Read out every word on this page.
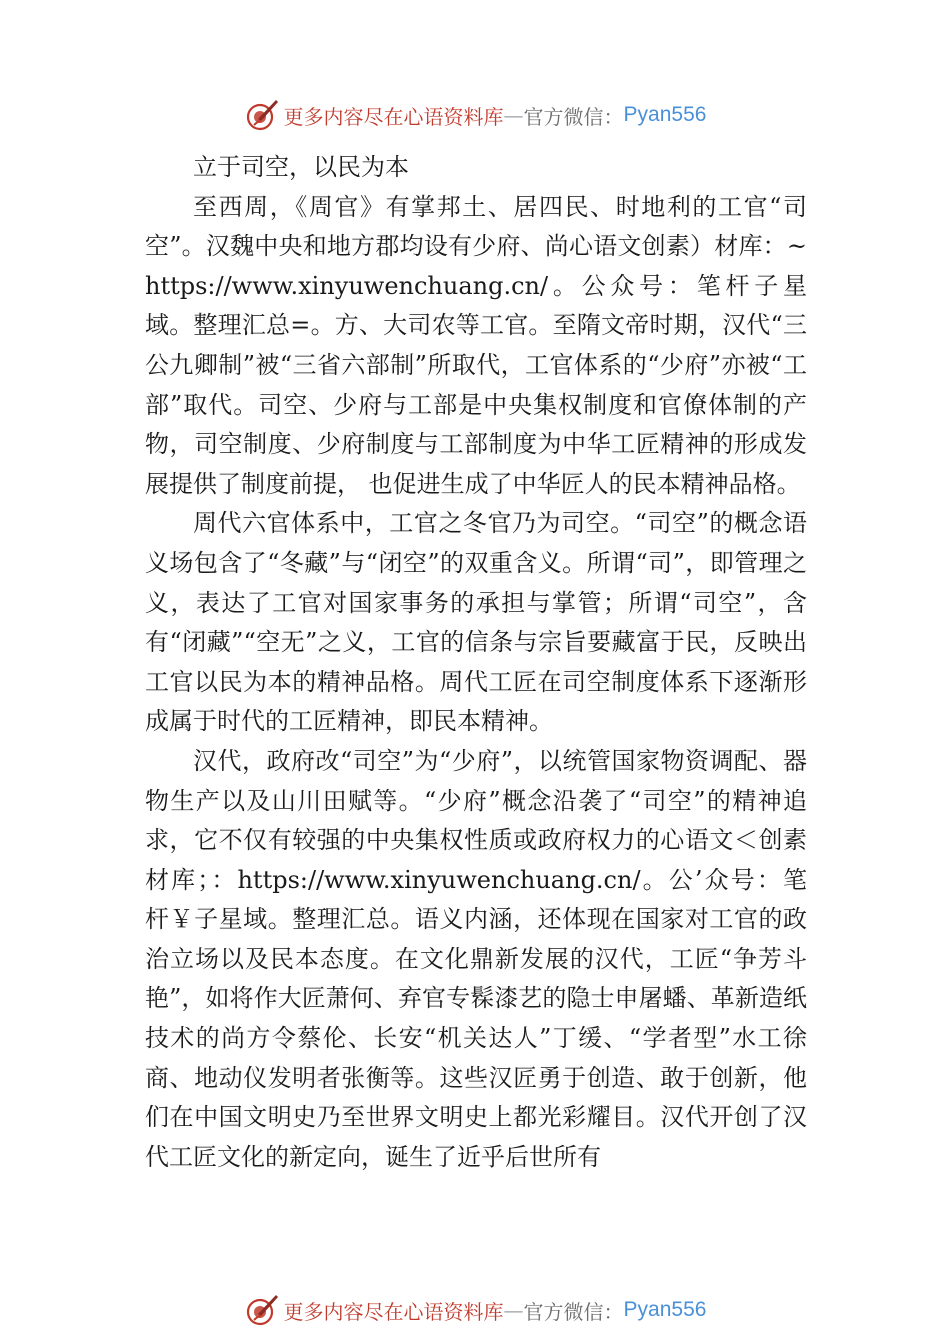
更多内容尽在心语资料库 — 官方微信： Pyan556

立于司空，以民为本

至西周，《周官》有掌邦土、居四民、时地利的工官“司空”。汉魏中央和地方郡均设有少府、尚心语文创素）材库：~https://www.xinyuwenchuang.cn/。公众号：笔杆子星域。整理汇总=。方、大司农等工官。至隋文帝时期，汉代“三公九卿制”被“三省六部制”所取代，工官体系的“少府”亦被“工部”取代。司空、少府与工部是中央集权制度和官僚体制的产物，司空制度、少府制度与工部制度为中华工匠精神的形成发展提供了制度前提， 也促进生成了中华匠人的民本精神品格。

周代六官体系中，工官之冬官乃为司空。“司空”的概念语义场包含了“冬藏”与“闭空”的双重含义。所谓“司”，即管理之义，表达了工官对国家事务的承担与掌管；所谓“司空”，含有“闭藏”“空无”之义，工官的信条与宗旨要藏富于民，反映出工官以民为本的精神品格。周代工匠在司空制度体系下逐渐形成属于时代的工匠精神，即民本精神。

汉代，政府改“司空”为“少府”，以统管国家物资调配、器物生产以及山川田赋等。“少府”概念沿袭了“司空”的精神追求，它不仅有较强的中央集权性质或政府权力的心语文＜创素材库；：https://www.xinyuwenchuang.cn/。公’众号：笔杆￥子星域。整理汇总。语义内涵，还体现在国家对工官的政治立场以及民本态度。在文化鼎新发展的汉代，工匠“争芳斗艳”，如将作大匠萧何、弃官专髹漆艺的隐士申屠蟠、革新造纸技术的尚方令蔡伦、长安“机关达人”丁缓、“学者型”水工徐商、地动仪发明者张衡等。这些汉匠勇于创造、敢于创新，他们在中国文明史乃至世界文明史上都光彩耀目。汉代开创了汉代工匠文化的新定向，诞生了近乎后世所有

更多内容尽在心语资料库 — 官方微信： Pyan556
